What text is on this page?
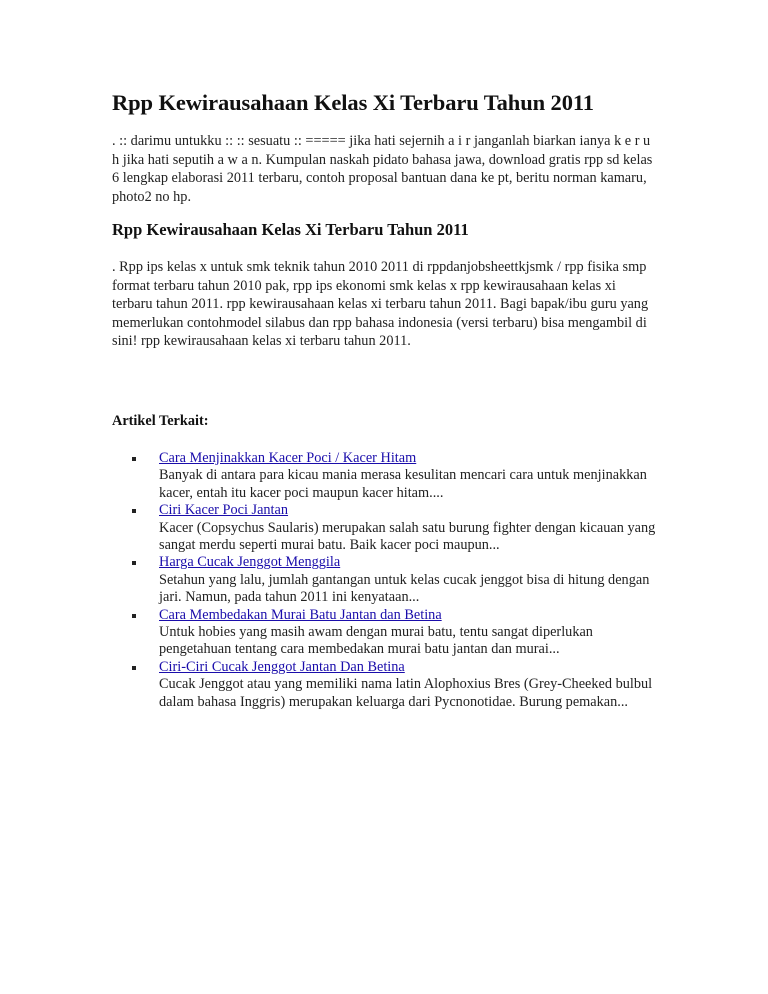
Rpp Kewirausahaan Kelas Xi Terbaru Tahun 2011

. :: darimu untukku :: :: sesuatu :: ===== jika hati sejernih a i r janganlah biarkan ianya k e r u h jika hati seputih a w a n. Kumpulan naskah pidato bahasa jawa, download gratis rpp sd kelas 6 lengkap elaborasi 2011 terbaru, contoh proposal bantuan dana ke pt, beritu norman kamaru, photo2 no hp.

Rpp Kewirausahaan Kelas Xi Terbaru Tahun 2011

. Rpp ips kelas x untuk smk teknik tahun 2010 2011 di rppdanjobsheettkjsmk / rpp fisika smp format terbaru tahun 2010 pak, rpp ips ekonomi smk kelas x rpp kewirausahaan kelas xi terbaru tahun 2011. rpp kewirausahaan kelas xi terbaru tahun 2011. Bagi bapak/ibu guru yang memerlukan contohmodel silabus dan rpp bahasa indonesia (versi terbaru) bisa mengambil di sini! rpp kewirausahaan kelas xi terbaru tahun 2011.

Artikel Terkait:
Cara Menjinakkan Kacer Poci / Kacer Hitam
Banyak di antara para kicau mania merasa kesulitan mencari cara untuk menjinakkan kacer, entah itu kacer poci maupun kacer hitam....
Ciri Kacer Poci Jantan
Kacer (Copsychus Saularis) merupakan salah satu burung fighter dengan kicauan yang sangat merdu seperti murai batu. Baik kacer poci maupun...
Harga Cucak Jenggot Menggila
Setahun yang lalu, jumlah gantangan untuk kelas cucak jenggot bisa di hitung dengan jari. Namun, pada tahun 2011 ini kenyataan...
Cara Membedakan Murai Batu Jantan dan Betina
Untuk hobies yang masih awam dengan murai batu, tentu sangat diperlukan pengetahuan tentang cara membedakan murai batu jantan dan murai...
Ciri-Ciri Cucak Jenggot Jantan Dan Betina
Cucak Jenggot atau yang memiliki nama latin Alophoxius Bres (Grey-Cheeked bulbul dalam bahasa Inggris) merupakan keluarga dari Pycnonotidae. Burung pemakan...
